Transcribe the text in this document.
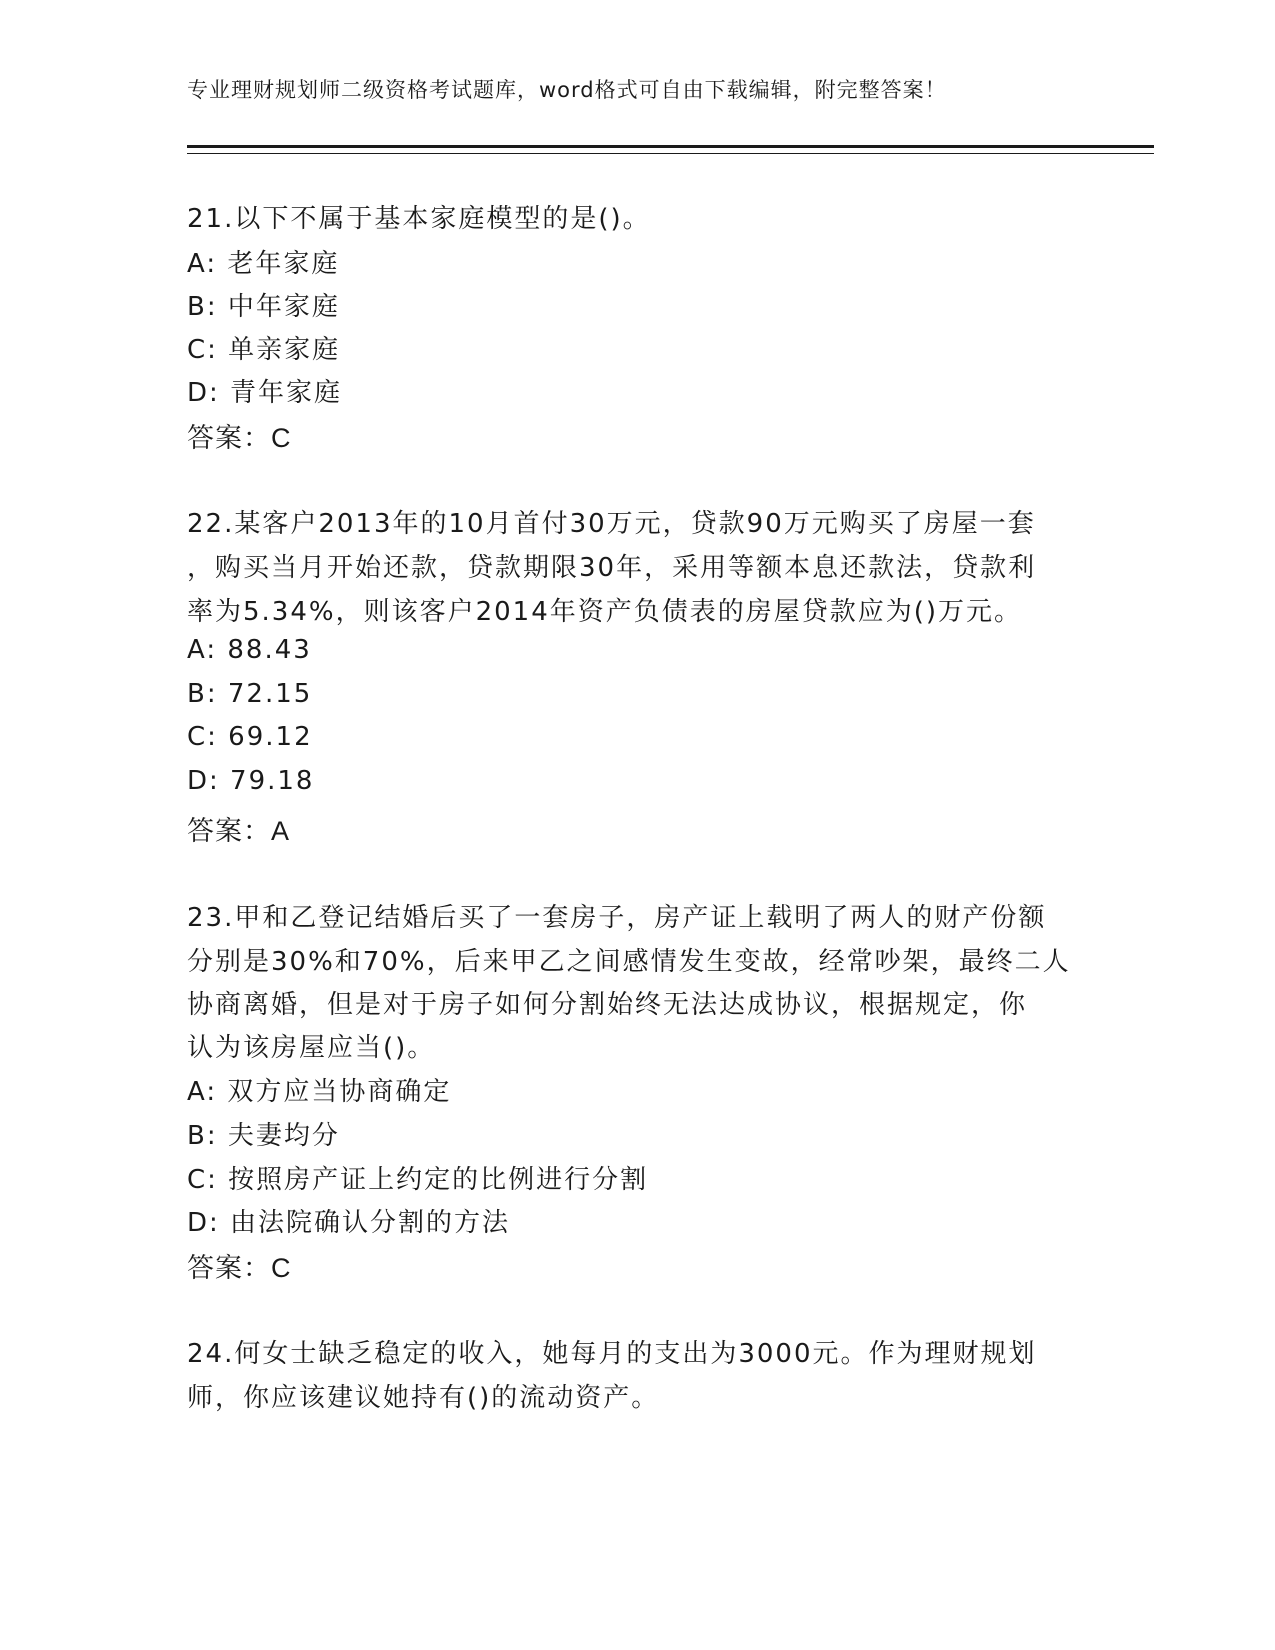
专业理财规划师二级资格考试题库，word格式可自由下载编辑，附完整答案！
21.以下不属于基本家庭模型的是()。
A: 老年家庭
B: 中年家庭
C: 单亲家庭
D: 青年家庭
答案：C
22.某客户2013年的10月首付30万元，贷款90万元购买了房屋一套
，购买当月开始还款，贷款期限30年，采用等额本息还款法，贷款利
率为5.34%，则该客户2014年资产负债表的房屋贷款应为()万元。
A: 88.43
B: 72.15
C: 69.12
D: 79.18
答案：A
23.甲和乙登记结婚后买了一套房子，房产证上载明了两人的财产份额
分别是30%和70%，后来甲乙之间感情发生变故，经常吵架，最终二人
协商离婚，但是对于房子如何分割始终无法达成协议，根据规定，你
认为该房屋应当()。
A: 双方应当协商确定
B: 夫妻均分
C: 按照房产证上约定的比例进行分割
D: 由法院确认分割的方法
答案：C
24.何女士缺乏稳定的收入，她每月的支出为3000元。作为理财规划
师，你应该建议她持有()的流动资产。
